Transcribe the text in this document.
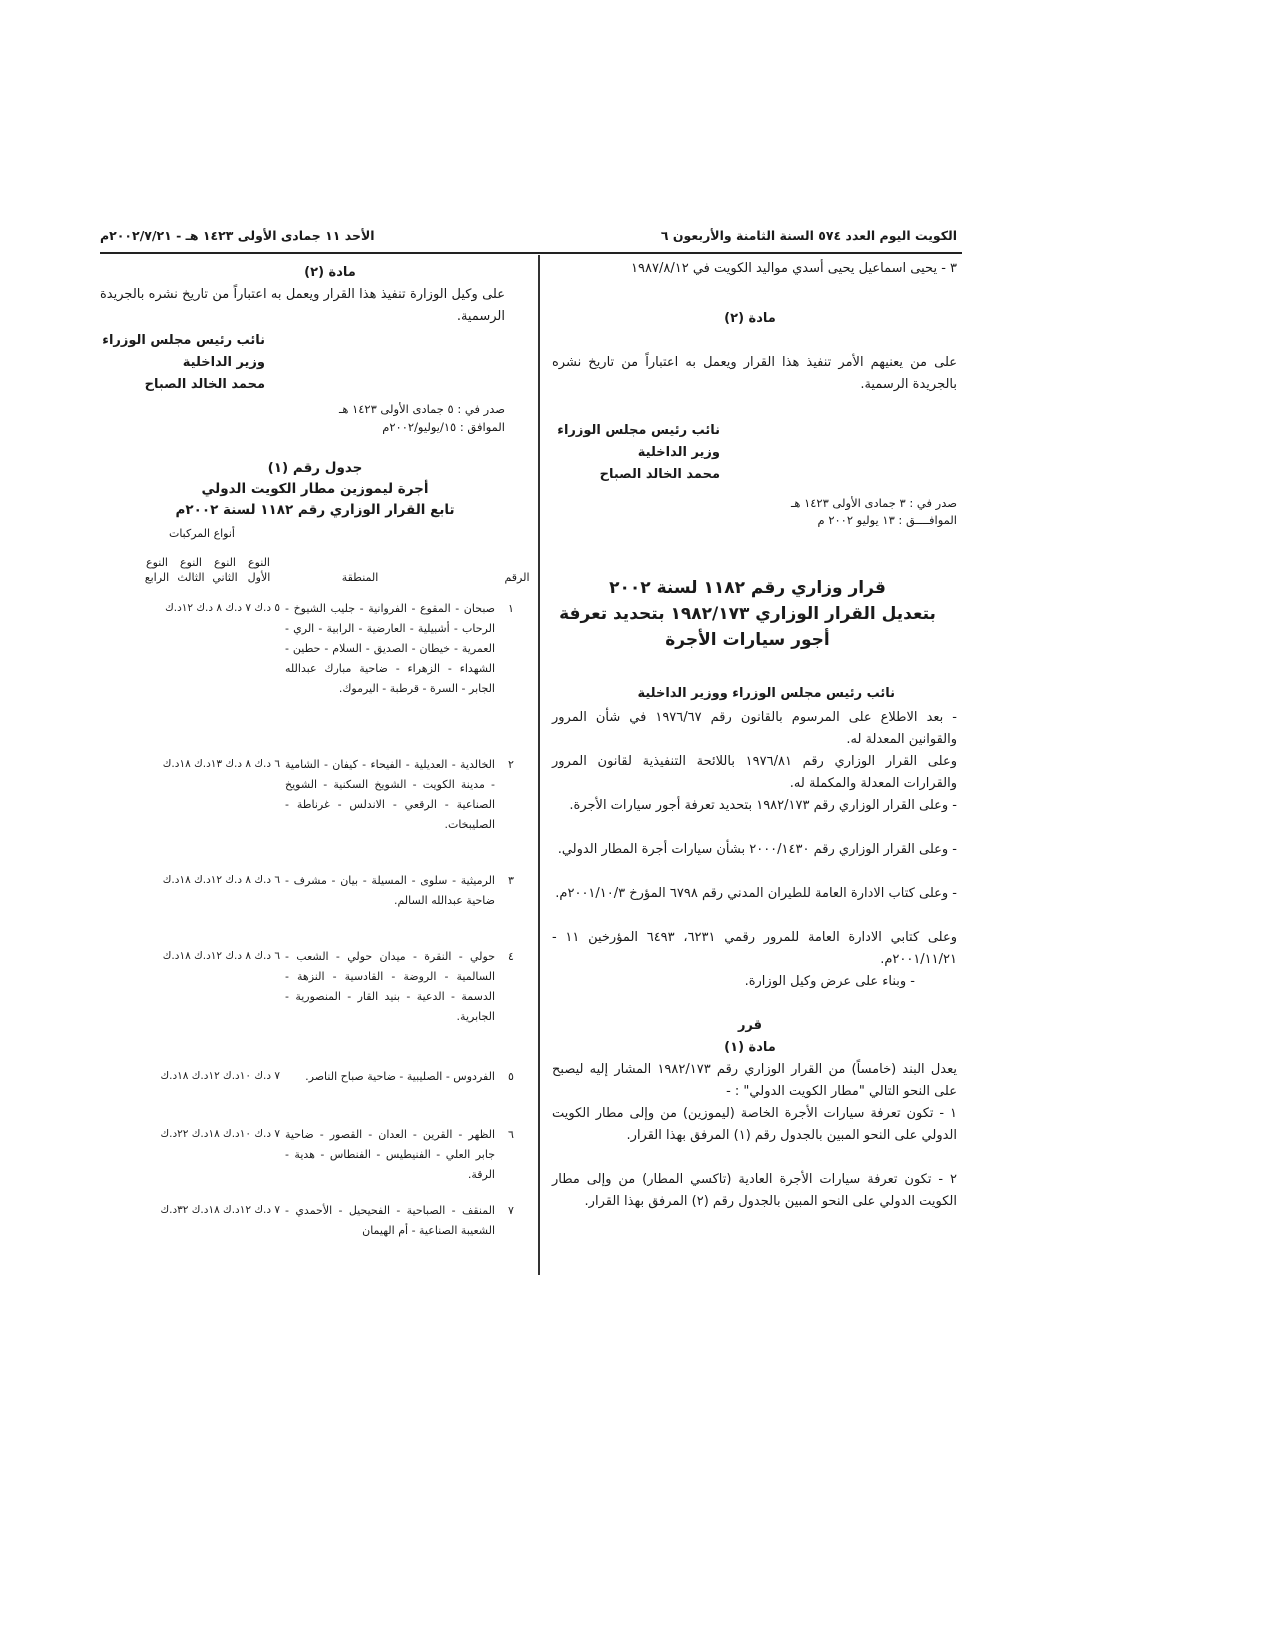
الكويت اليوم العدد ٥٧٤ السنة الثامنة والأربعون ٦
الأحد ١١ جمادى الأولى ١٤٢٣ هـ - ٢٠٠٢/٧/٢١م
٣ - يحيى اسماعيل يحيى أسدي مواليد الكويت في ١٩٨٧/٨/١٢
مادة (٢)
على من يعنيهم الأمر تنفيذ هذا القرار ويعمل به اعتباراً من تاريخ نشره بالجريدة الرسمية.
نائب رئيس مجلس الوزراء
وزير الداخلية
محمد الخالد الصباح
صدر في : ٣ جمادى الأولى ١٤٢٣ هـ
الموافــــق : ١٣ يوليو ٢٠٠٢ م
قرار وزاري رقم ١١٨٢ لسنة ٢٠٠٢
بتعديل القرار الوزاري ١٩٨٢/١٧٣ بتحديد تعرفة
أجور سيارات الأجرة
نائب رئيس مجلس الوزراء ووزير الداخلية
- بعد الاطلاع على المرسوم بالقانون رقم ١٩٧٦/٦٧ في شأن المرور والقوانين المعدلة له.
وعلى القرار الوزاري رقم ١٩٧٦/٨١ باللائحة التنفيذية لقانون المرور والقرارات المعدلة والمكملة له.
- وعلى القرار الوزاري رقم ١٩٨٢/١٧٣ بتحديد تعرفة أجور سيارات الأجرة.
- وعلى القرار الوزاري رقم ٢٠٠٠/١٤٣٠ بشأن سيارات أجرة المطار الدولي.
- وعلى كتاب الادارة العامة للطيران المدني رقم ٦٧٩٨ المؤرخ ٢٠٠١/١٠/٣م.
وعلى كتابي الادارة العامة للمرور رقمي ٦٢٣١، ٦٤٩٣ المؤرخين ١١ - ٢٠٠١/١١/٢١م.
- وبناء على عرض وكيل الوزارة.
قرر
مادة (١)
يعدل البند (خامساً) من القرار الوزاري رقم ١٩٨٢/١٧٣ المشار إليه ليصبح على النحو التالي "مطار الكويت الدولي" : -
١ - تكون تعرفة سيارات الأجرة الخاصة (ليموزين) من وإلى مطار الكويت الدولي على النحو المبين بالجدول رقم (١) المرفق بهذا القرار.
٢ - تكون تعرفة سيارات الأجرة العادية (تاكسي المطار) من وإلى مطار الكويت الدولي على النحو المبين بالجدول رقم (٢) المرفق بهذا القرار.
مادة (٢)
على وكيل الوزارة تنفيذ هذا القرار ويعمل به اعتباراً من تاريخ نشره بالجريدة الرسمية.
نائب رئيس مجلس الوزراء
وزير الداخلية
محمد الخالد الصباح
صدر في : ٥ جمادى الأولى ١٤٢٣ هـ
الموافق : ١٥/يوليو/٢٠٠٢م
جدول رقم (١)
أجرة ليموزين مطار الكويت الدولي
تابع القرار الوزاري رقم ١١٨٢ لسنة ٢٠٠٢م
أنواع المركبات
الرقم
المنطقة
النوع الأول
النوع الثاني
النوع الثالث
النوع الرابع
١
صبحان - المقوع - الفروانية - جليب الشيوخ - الرحاب - أشبيلية - العارضية - الرابية - الري - العمرية - خيطان - الصديق - السلام - حطين - الشهداء - الزهراء - ضاحية مبارك عبدالله الجابر - السرة - قرطبة - اليرموك.
٥ د.ك ٧ د.ك ٨ د.ك ١٢د.ك
٢
الخالدية - العديلية - الفيحاء - كيفان - الشامية - مدينة الكويت - الشويخ السكنية - الشويخ الصناعية - الرقعي - الاندلس - غرناطة - الصليبخات.
٦ د.ك ٨ د.ك ١٣د.ك ١٨د.ك
٣
الرميثية - سلوى - المسيلة - بيان - مشرف - ضاحية عبدالله السالم.
٦ د.ك ٨ د.ك ١٢د.ك ١٨د.ك
٤
حولي - النقرة - ميدان حولي - الشعب - السالمية - الروضة - القادسية - النزهة - الدسمة - الدعية - بنيد القار - المنصورية - الجابرية.
٦ د.ك ٨ د.ك ١٢د.ك ١٨د.ك
٥
الفردوس - الصليبية - ضاحية صباح الناصر.
٧ د.ك ١٠د.ك ١٢د.ك ١٨د.ك
٦
الظهر - القرين - العدان - القصور - ضاحية جابر العلي - الفنيطيس - الفنطاس - هدية - الرقة.
٧ د.ك ١٠د.ك ١٨د.ك ٢٢د.ك
٧
المنقف - الصباحية - الفحيحيل - الأحمدي - الشعيبة الصناعية - أم الهيمان
٧ د.ك ١٢د.ك ١٨د.ك ٣٢د.ك
